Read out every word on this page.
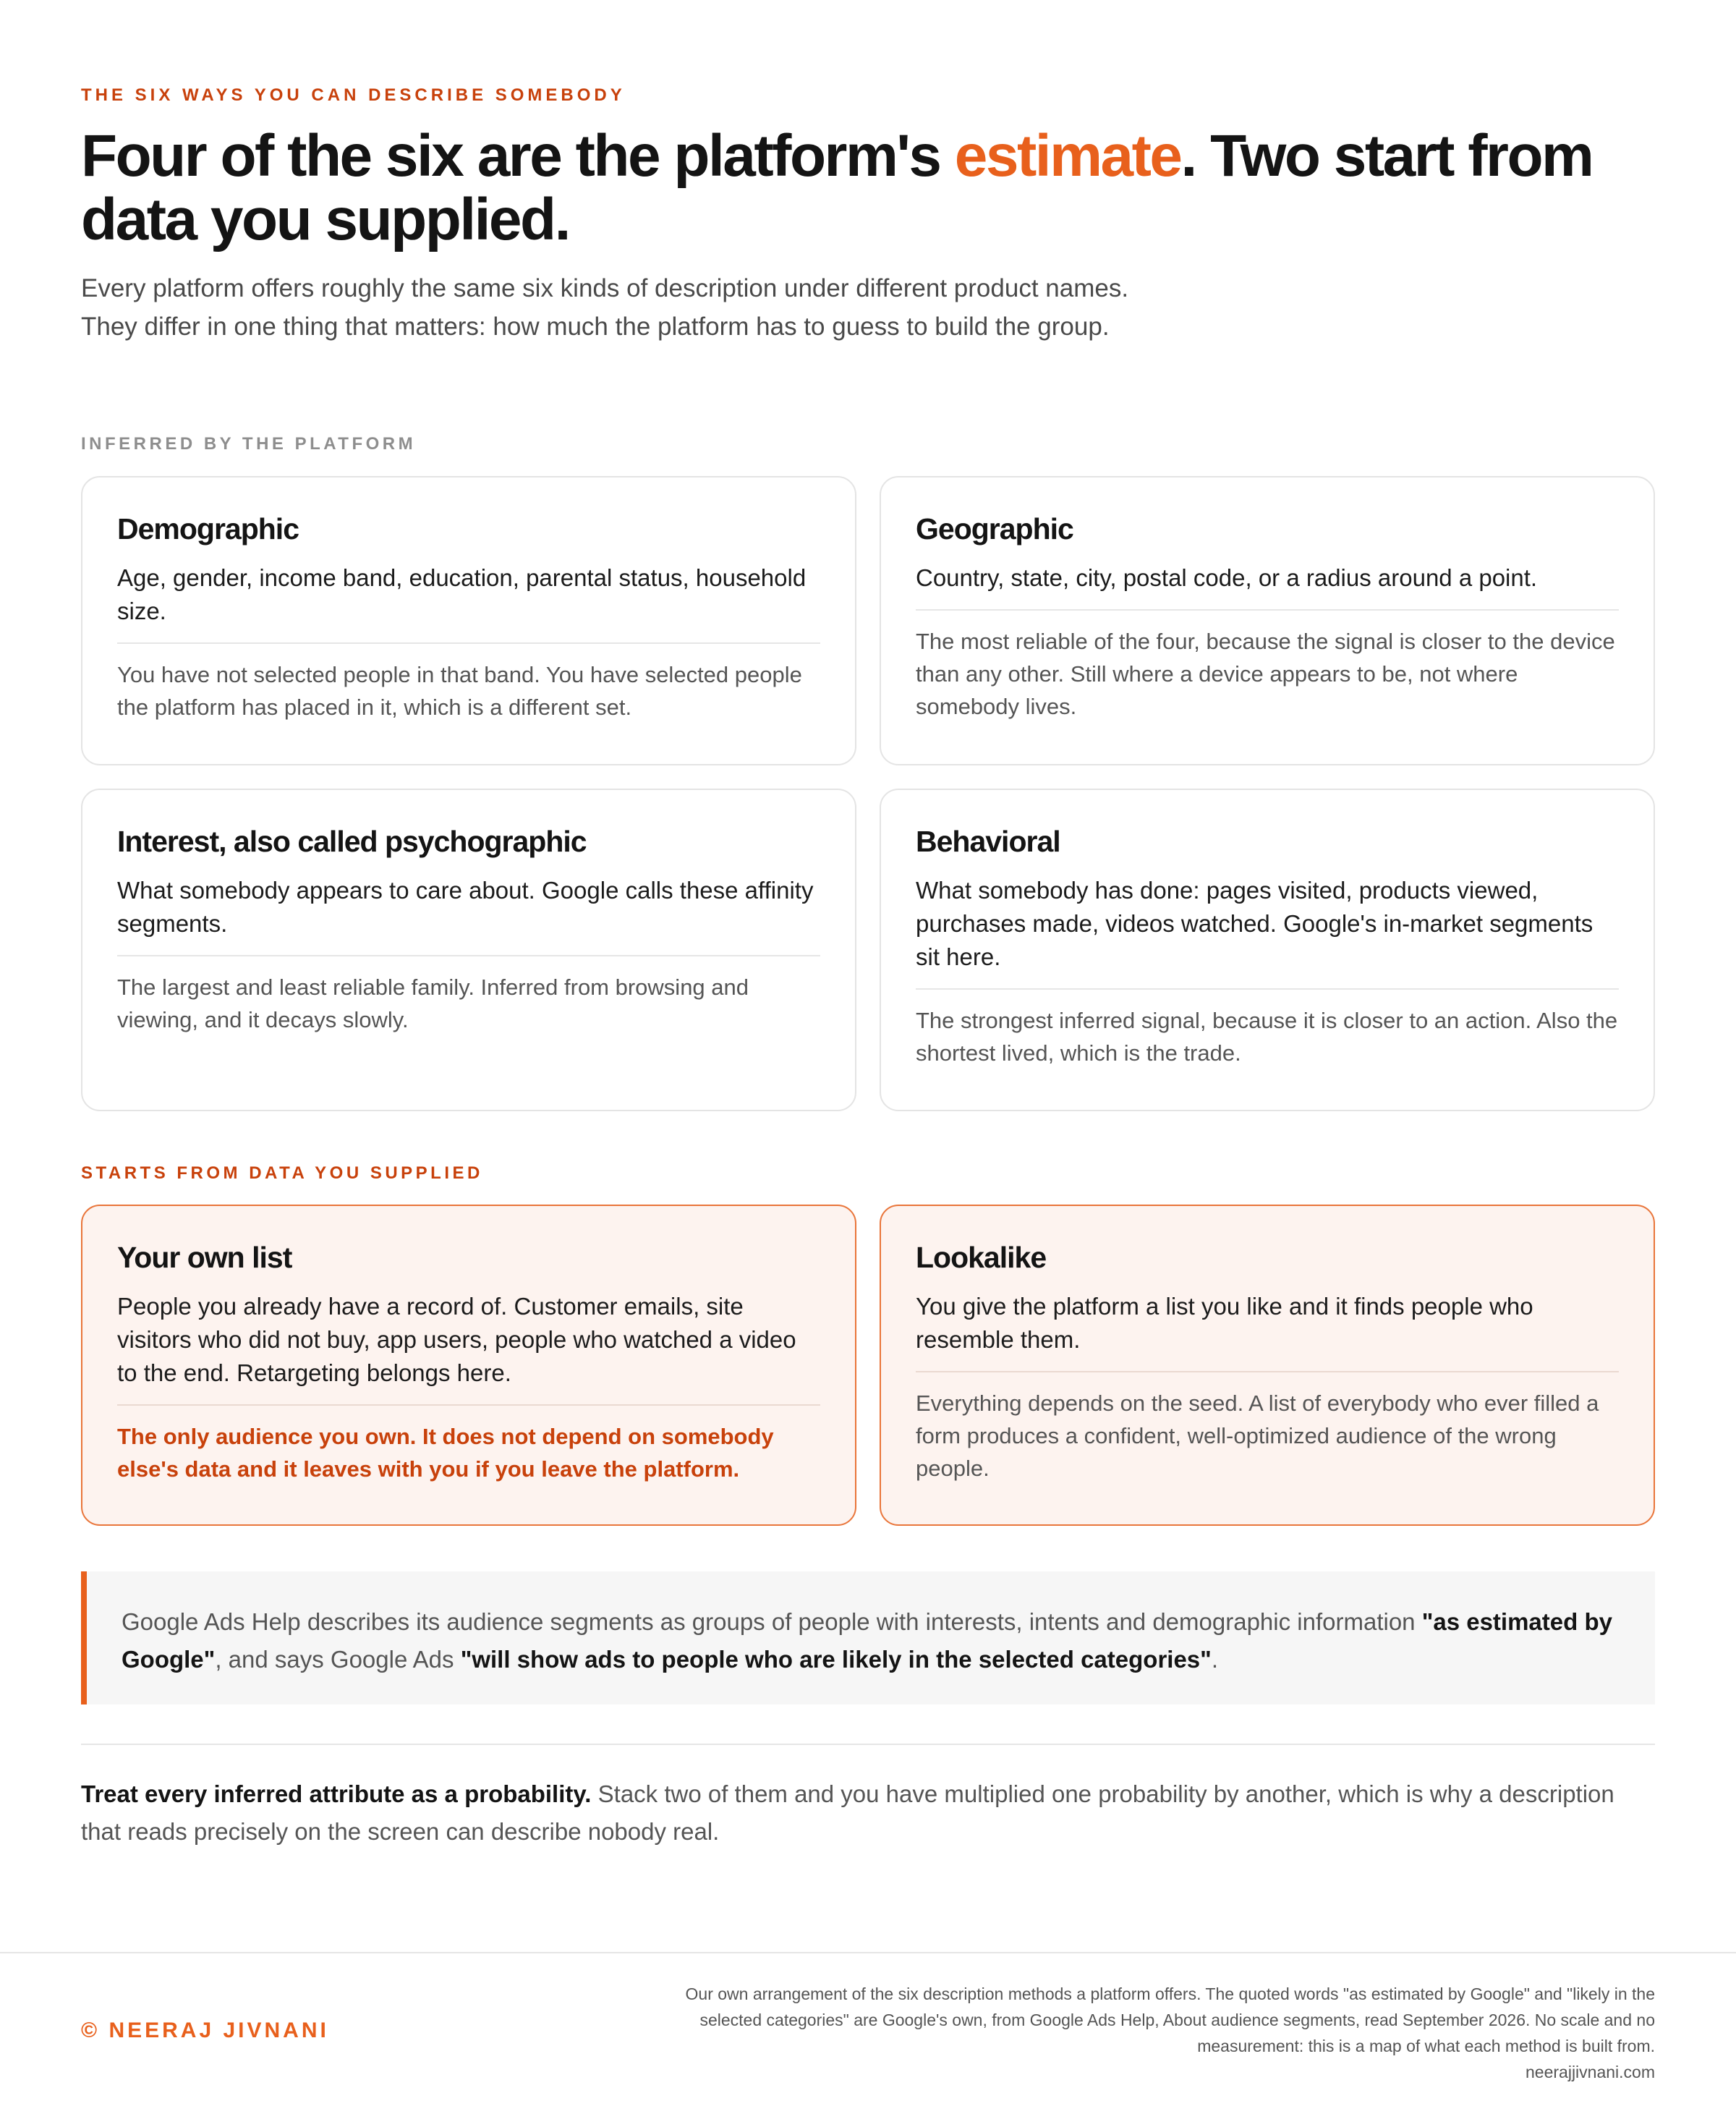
THE SIX WAYS YOU CAN DESCRIBE SOMEBODY
Four of the six are the platform's estimate. Two start from data you supplied.

Every platform offers roughly the same six kinds of description under different product names. They differ in one thing that matters: how much the platform has to guess to build the group.

INFERRED BY THE PLATFORM
Demographic

Age, gender, income band, education, parental status, household size.

You have not selected people in that band. You have selected people the platform has placed in it, which is a different set.

Geographic

Country, state, city, postal code, or a radius around a point.

The most reliable of the four, because the signal is closer to the device than any other. Still where a device appears to be, not where somebody lives.

Interest, also called psychographic

What somebody appears to care about. Google calls these affinity segments.

The largest and least reliable family. Inferred from browsing and viewing, and it decays slowly.

Behavioral

What somebody has done: pages visited, products viewed, purchases made, videos watched. Google's in-market segments sit here.

The strongest inferred signal, because it is closer to an action. Also the shortest lived, which is the trade.

STARTS FROM DATA YOU SUPPLIED
Your own list

People you already have a record of. Customer emails, site visitors who did not buy, app users, people who watched a video to the end. Retargeting belongs here.

The only audience you own. It does not depend on somebody else's data and it leaves with you if you leave the platform.

Lookalike

You give the platform a list you like and it finds people who resemble them.

Everything depends on the seed. A list of everybody who ever filled a form produces a confident, well-optimized audience of the wrong people.

Google Ads Help describes its audience segments as groups of people with interests, intents and demographic information "as estimated by Google", and says Google Ads "will show ads to people who are likely in the selected categories".

Treat every inferred attribute as a probability. Stack two of them and you have multiplied one probability by another, which is why a description that reads precisely on the screen can describe nobody real.

© NEERAJ JIVNANI
Our own arrangement of the six description methods a platform offers. The quoted words "as estimated by Google" and "likely in the selected categories" are Google's own, from Google Ads Help, About audience segments, read September 2026. No scale and no measurement: this is a map of what each method is built from.
neerajjivnani.com
